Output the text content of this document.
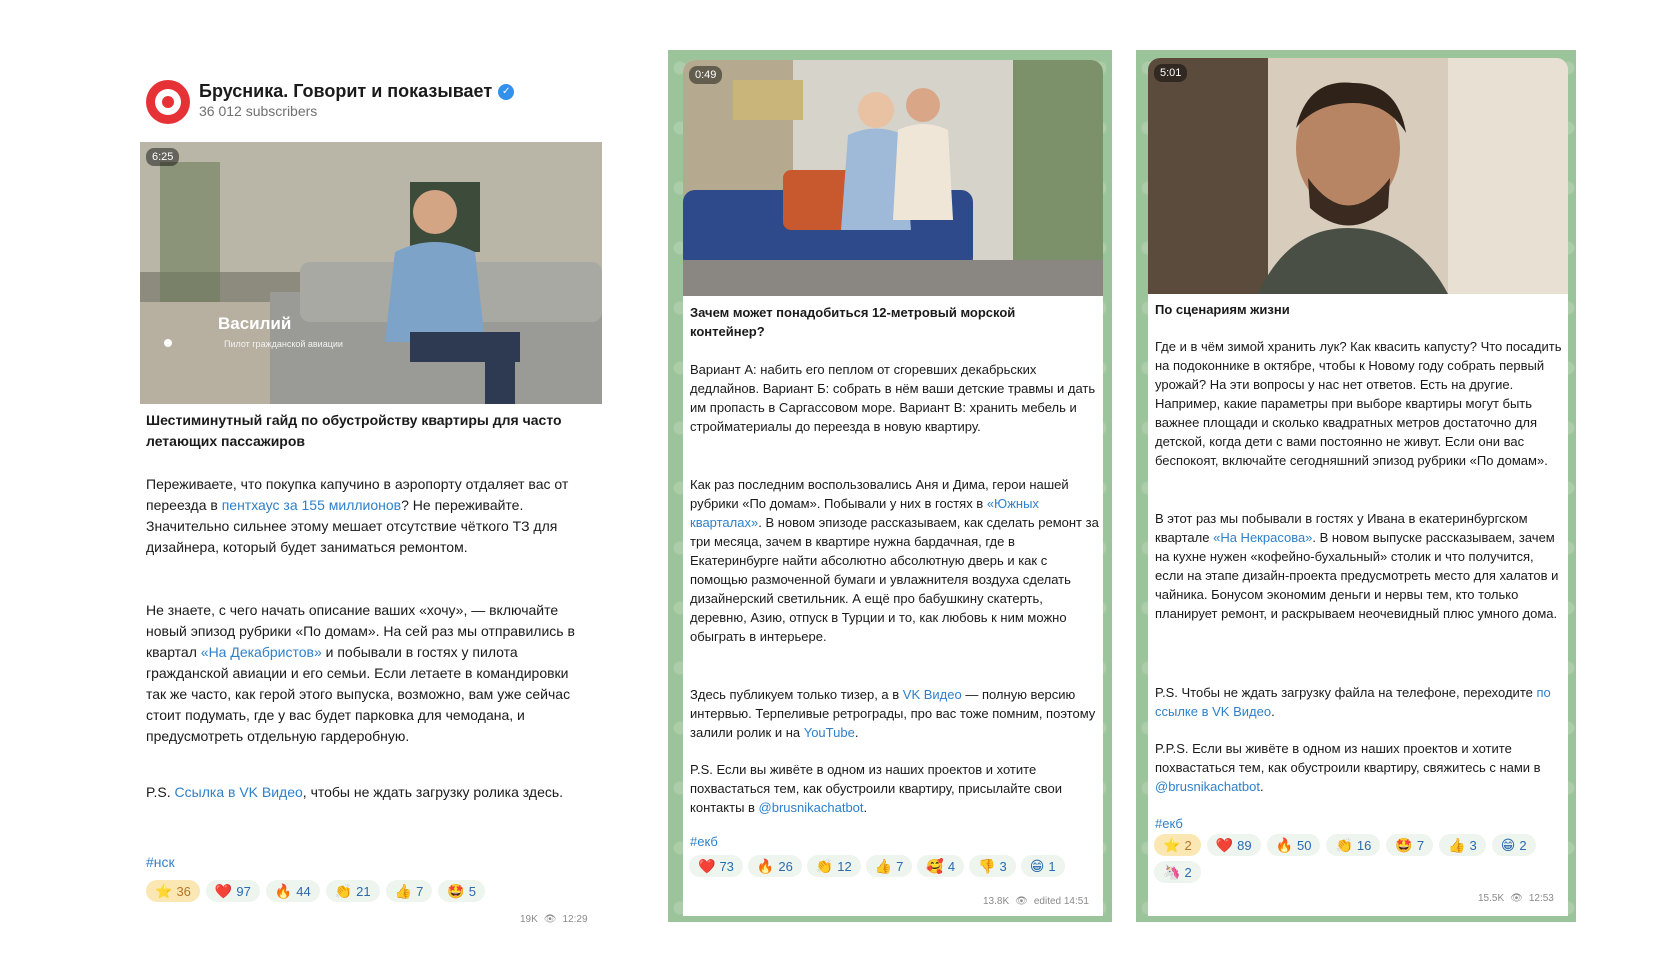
Брусника. Говорит и показывает ✓
36 012 subscribers
6:25
Василий
Пилот гражданской авиации
Шестиминутный гайд по обустройству квартиры для часто летающих пассажиров

Переживаете, что покупка капучино в аэропорту отдаляет вас от переезда в пентхаус за 155 миллионов? Не переживайте. Значительно сильнее этому мешает отсутствие чёткого ТЗ для дизайнера, который будет заниматься ремонтом.

Не знаете, с чего начать описание ваших «хочу», — включайте новый эпизод рубрики «По домам». На сей раз мы отправились в квартал «На Декабристов» и побывали в гостях у пилота гражданской авиации и его семьи. Если летаете в командировки так же часто, как герой этого выпуска, возможно, вам уже сейчас стоит подумать, где у вас будет парковка для чемодана, и предусмотреть отдельную гардеробную.

P.S. Ссылка в VK Видео, чтобы не ждать загрузку ролика здесь.

#нск
⭐ 36 ❤️ 97 🔥 44 👏 21 👍 7 🤩 5
19K 👁 12:29
0:49
Зачем может понадобиться 12-метровый морской контейнер?

Вариант А: набить его пеплом от сгоревших декабрьских дедлайнов. Вариант Б: собрать в нём ваши детские травмы и дать им пропасть в Саргассовом море. Вариант В: хранить мебель и стройматериалы до переезда в новую квартиру.

Как раз последним воспользовались Аня и Дима, герои нашей рубрики «По домам». Побывали у них в гостях в «Южных кварталах». В новом эпизоде рассказываем, как сделать ремонт за три месяца, зачем в квартире нужна бардачная, где в Екатеринбурге найти абсолютно абсолютную дверь и как с помощью размоченной бумаги и увлажнителя воздуха сделать дизайнерский светильник. А ещё про бабушкину скатерть, деревню, Азию, отпуск в Турции и то, как любовь к ним можно обыграть в интерьере.

Здесь публикуем только тизер, а в VK Видео — полную версию интервью. Терпеливые ретрограды, про вас тоже помним, поэтому залили ролик и на YouTube.

P.S. Если вы живёте в одном из наших проектов и хотите похвастаться тем, как обустроили квартиру, присылайте свои контакты в @brusnikachatbot.

#екб
❤️ 73 🔥 26 👏 12 👍 7 🥰 4 👎 3 😁 1
13.8K 👁 edited 14:51
5:01
По сценариям жизни

Где и в чём зимой хранить лук? Как квасить капусту? Что посадить на подоконнике в октябре, чтобы к Новому году собрать первый урожай? На эти вопросы у нас нет ответов. Есть на другие. Например, какие параметры при выборе квартиры могут быть важнее площади и сколько квадратных метров достаточно для детской, когда дети с вами постоянно не живут. Если они вас беспокоят, включайте сегодняшний эпизод рубрики «По домам».

В этот раз мы побывали в гостях у Ивана в екатеринбургском квартале «На Некрасова». В новом выпуске рассказываем, зачем на кухне нужен «кофейно-бухальный» столик и что получится, если на этапе дизайн-проекта предусмотреть место для халатов и чайника. Бонусом экономим деньги и нервы тем, кто только планирует ремонт, и раскрываем неочевидный плюс умного дома.

P.S. Чтобы не ждать загрузку файла на телефоне, переходите по ссылке в VK Видео.

P.P.S. Если вы живёте в одном из наших проектов и хотите похвастаться тем, как обустроили квартиру, свяжитесь с нами в @brusnikachatbot.

#екб
⭐ 2 ❤️ 89 🔥 50 👏 16 🤩 7 👍 3 😁 2
🦄 2
15.5K 👁 12:53
